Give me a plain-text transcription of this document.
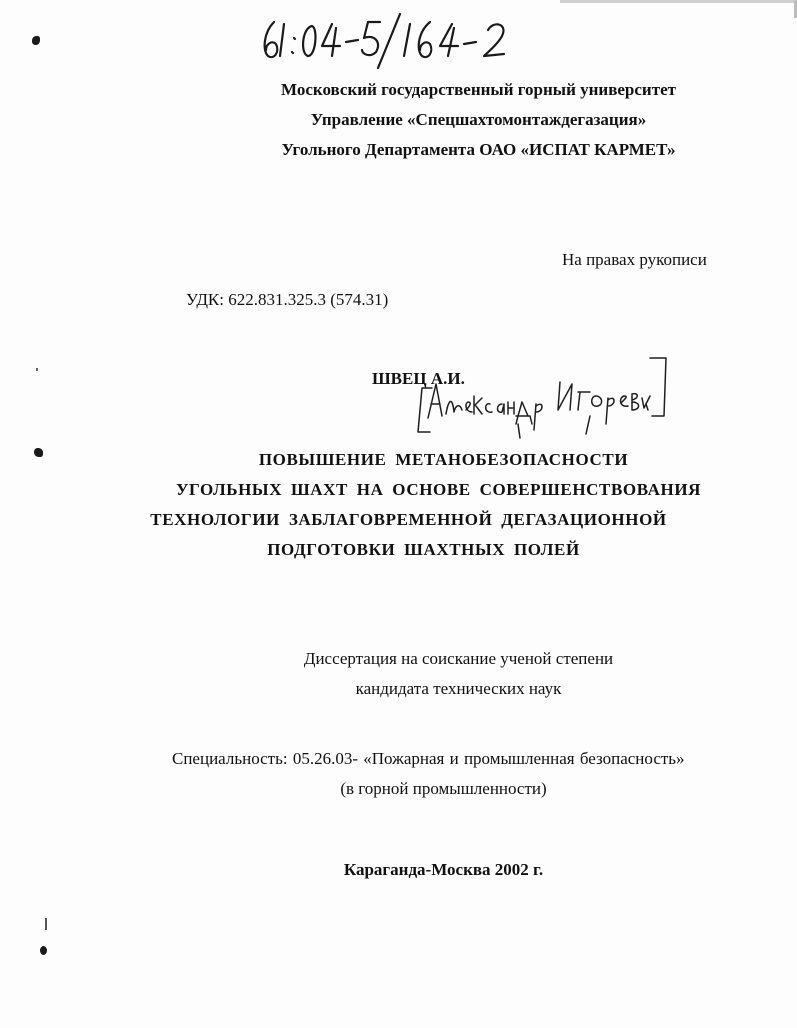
Московский государственный горный университет
Управление «Спецшахтомонтаждегазация»
Угольного Департамента ОАО «ИСПАТ КАРМЕТ»
На правах рукописи
УДК: 622.831.325.3 (574.31)
ШВЕЦ А.И.
ПОВЫШЕНИЕ МЕТАНОБЕЗОПАСНОСТИ
УГОЛЬНЫХ ШАХТ НА ОСНОВЕ СОВЕРШЕНСТВОВАНИЯ
ТЕХНОЛОГИИ ЗАБЛАГОВРЕМЕННОЙ ДЕГАЗАЦИОННОЙ
ПОДГОТОВКИ ШАХТНЫХ ПОЛЕЙ
Диссертация на соискание ученой степени
кандидата технических наук
Специальность: 05.26.03- «Пожарная и промышленная безопасность»
(в горной промышленности)
Караганда-Москва 2002 г.
